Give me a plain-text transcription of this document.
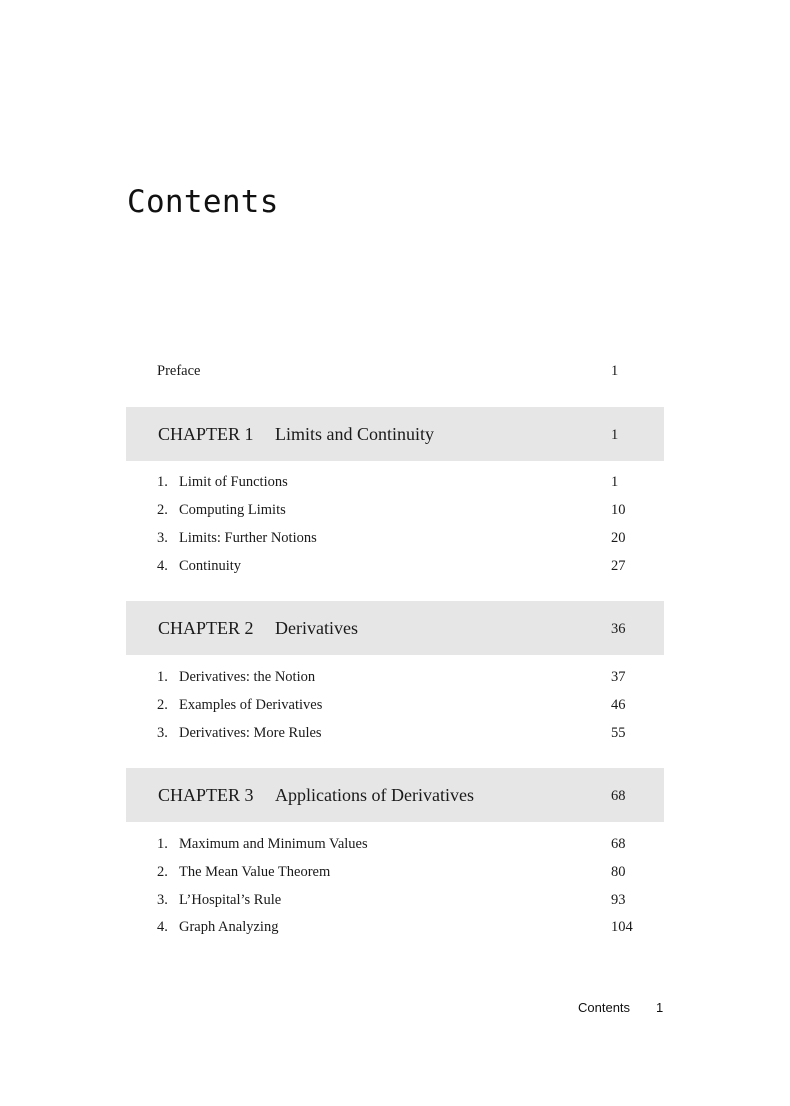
Contents
Preface	1
CHAPTER 1 Limits and Continuity	1
1. Limit of Functions	1
2. Computing Limits	10
3. Limits: Further Notions	20
4. Continuity	27
CHAPTER 2 Derivatives	36
1. Derivatives: the Notion	37
2. Examples of Derivatives	46
3. Derivatives: More Rules	55
CHAPTER 3 Applications of Derivatives	68
1. Maximum and Minimum Values	68
2. The Mean Value Theorem	80
3. L’Hospital’s Rule	93
4. Graph Analyzing	104
Contents 1
